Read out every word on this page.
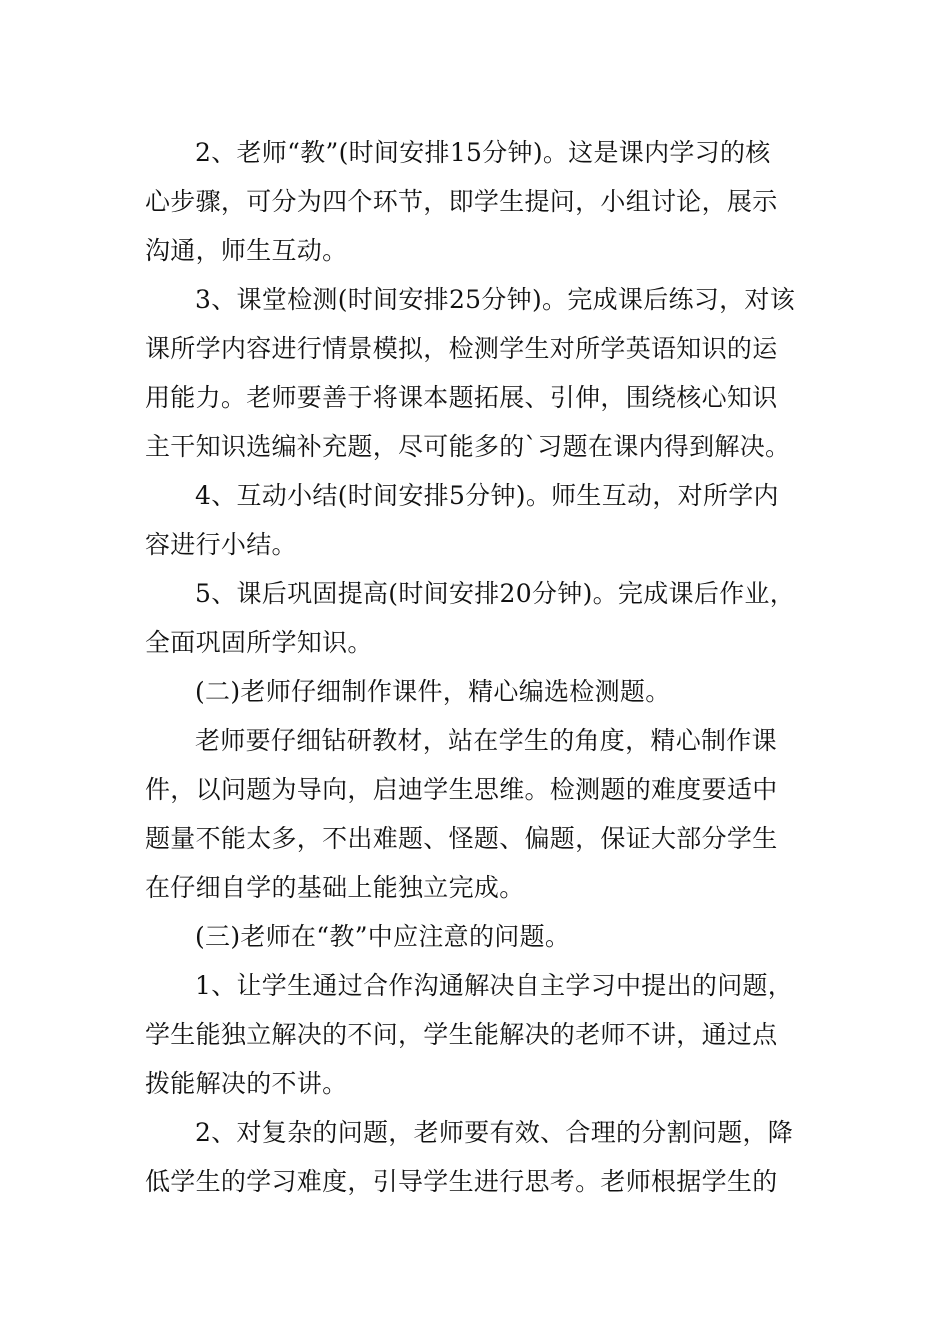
2、老师“教”(时间安排15分钟)。这是课内学习的核
心步骤，可分为四个环节，即学生提问，小组讨论，展示
沟通，师生互动。
3、课堂检测(时间安排25分钟)。完成课后练习，对该
课所学内容进行情景模拟，检测学生对所学英语知识的运
用能力。老师要善于将课本题拓展、引伸，围绕核心知识
主干知识选编补充题，尽可能多的`习题在课内得到解决。
4、互动小结(时间安排5分钟)。师生互动，对所学内
容进行小结。
5、课后巩固提高(时间安排20分钟)。完成课后作业，
全面巩固所学知识。
(二)老师仔细制作课件，精心编选检测题。
老师要仔细钻研教材，站在学生的角度，精心制作课
件，以问题为导向，启迪学生思维。检测题的难度要适中
题量不能太多，不出难题、怪题、偏题，保证大部分学生
在仔细自学的基础上能独立完成。
(三)老师在“教”中应注意的问题。
1、让学生通过合作沟通解决自主学习中提出的问题，
学生能独立解决的不问，学生能解决的老师不讲，通过点
拨能解决的不讲。
2、对复杂的问题，老师要有效、合理的分割问题，降
低学生的学习难度，引导学生进行思考。老师根据学生的
